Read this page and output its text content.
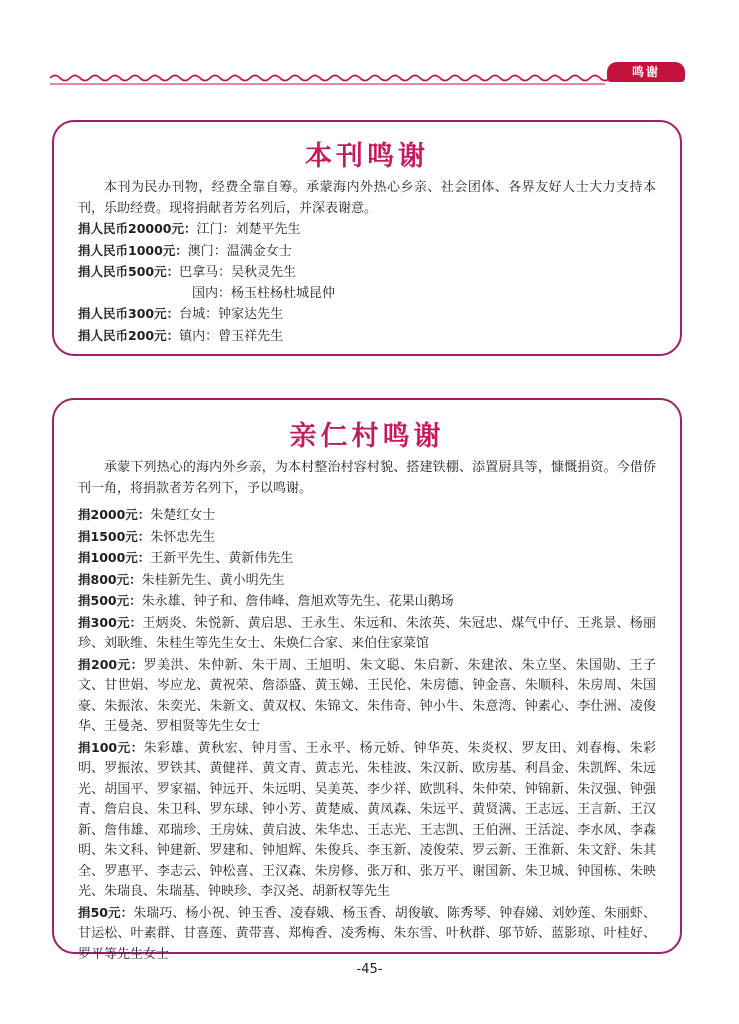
鸣谢
本刊鸣谢

本刊为民办刊物，经费全靠自筹。承蒙海内外热心乡亲、社会团体、各界友好人士大力支持本刊，乐助经费。现将捐献者芳名列后，并深表谢意。

捐人民币20000元：江门：刘楚平先生
捐人民币1000元：澳门：温满金女士
捐人民币500元：巴拿马：吴秋灵先生
国内：杨玉柱杨杜城昆仲
捐人民币300元：台城：钟家达先生
捐人民币200元：镇内：曾玉祥先生
亲仁村鸣谢

承蒙下列热心的海内外乡亲，为本村整治村容村貌、搭建铁棚、添置厨具等，慷慨捐资。今借侨刊一角，将捐款者芳名列下，予以鸣谢。

捐2000元：朱楚红女士
捐1500元：朱怀忠先生
捐1000元：王新平先生、黄新伟先生
捐800元：朱桂新先生、黄小明先生
捐500元：朱永雄、钟子和、詹伟峰、詹旭欢等先生、花果山鹅场

捐300元：王炳炎、朱悦新、黄启思、王永生、朱远和、朱浓英、朱冠忠、煤气中仔、王兆景、杨丽珍、刘耿维、朱桂生等先生女士、朱焕仁合家、来伯住家菜馆

捐200元：罗美洪、朱仲新、朱干周、王旭明、朱文聪、朱启新、朱建浓、朱立坚、朱国勋、王子文、甘世娟、岑应龙、黄祝荣、詹添盛、黄玉娣、王民伦、朱房德、钟金喜、朱顺科、朱房周、朱国豪、朱振浓、朱奕光、朱新文、黄双权、朱锦文、朱伟奇、钟小牛、朱意湾、钟素心、李仕洲、凌俊华、王曼尧、罗相贤等先生女士

捐100元：朱彩雄、黄秋宏、钟月雪、王永平、杨元娇、钟华英、朱炎权、罗友田、刘春梅、朱彩明、罗振浓、罗铁其、黄健祥、黄文青、黄志光、朱桂波、朱汉新、欧房基、利昌金、朱凯辉、朱远光、胡国平、罗家福、钟远开、朱远明、吴美英、李少祥、欧凯科、朱仲荣、钟锦新、朱汉强、钟强青、詹启良、朱卫科、罗东球、钟小芳、黄楚威、黄凤森、朱远平、黄贤满、王志远、王言新、王汉新、詹伟雄、邓瑞珍、王房妹、黄启波、朱华忠、王志光、王志凯、王伯洲、王活淀、李水凤、李森明、朱文科、钟建新、罗建和、钟旭辉、朱俊兵、李玉新、凌俊荣、罗云新、王淮新、朱文舒、朱其全、罗惠平、李志云、钟松喜、王汉森、朱房修、张万和、张万平、谢国新、朱卫城、钟国栋、朱映光、朱瑞良、朱瑞基、钟映珍、李汉尧、胡新权等先生

捐50元：朱瑞巧、杨小祝、钟玉香、凌春娥、杨玉香、胡俊敏、陈秀琴、钟春娣、刘妙莲、朱丽虾、甘运松、叶素群、甘喜莲、黄带喜、郑梅香、凌秀梅、朱东雪、叶秋群、邬节娇、蓝影琼、叶桂好、罗平等先生女士

-45-
